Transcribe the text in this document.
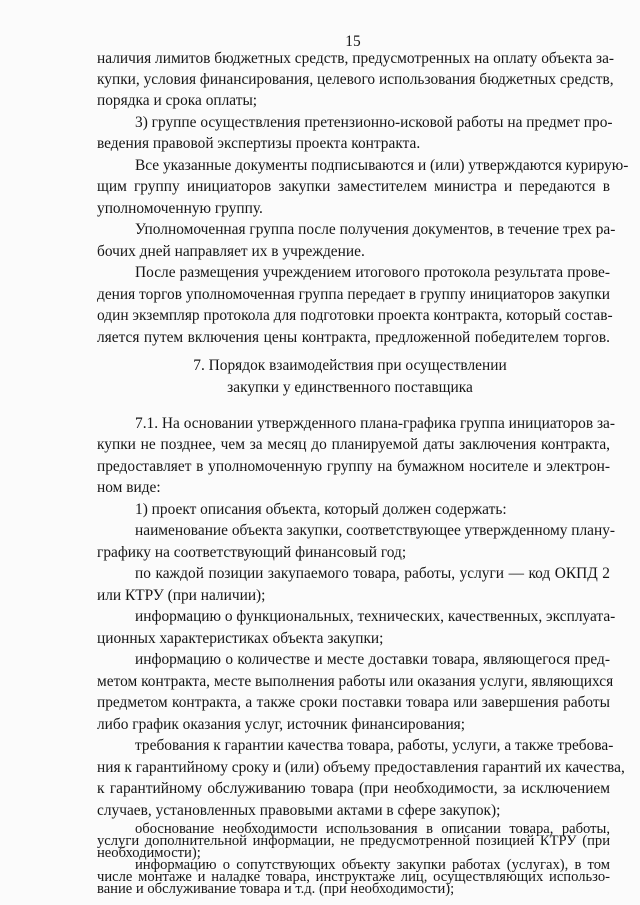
15
наличия лимитов бюджетных средств, предусмотренных на оплату объекта за-
купки, условия финансирования, целевого использования бюджетных средств,
порядка и срока оплаты;
3) группе осуществления претензионно-исковой работы на предмет про-
ведения правовой экспертизы проекта контракта.
Все указанные документы подписываются и (или) утверждаются курирую-
щим группу инициаторов закупки заместителем министра и передаются в
уполномоченную группу.
Уполномоченная группа после получения документов, в течение трех ра-
бочих дней направляет их в учреждение.
После размещения учреждением итогового протокола результата прове-
дения торгов уполномоченная группа передает в группу инициаторов закупки
один экземпляр протокола для подготовки проекта контракта, который состав-
ляется путем включения цены контракта, предложенной победителем торгов.
7. Порядок взаимодействия при осуществлении
закупки у единственного поставщика
7.1. На основании утвержденного плана-графика группа инициаторов за-
купки не позднее, чем за месяц до планируемой даты заключения контракта,
предоставляет в уполномоченную группу на бумажном носителе и электрон-
ном виде:
1) проект описания объекта, который должен содержать:
наименование объекта закупки, соответствующее утвержденному плану-
графику на соответствующий финансовый год;
по каждой позиции закупаемого товара, работы, услуги — код ОКПД 2
или КТРУ (при наличии);
информацию о функциональных, технических, качественных, эксплуата-
ционных характеристиках объекта закупки;
информацию о количестве и месте доставки товара, являющегося пред-
метом контракта, месте выполнения работы или оказания услуги, являющихся
предметом контракта, а также сроки поставки товара или завершения работы
либо график оказания услуг, источник финансирования;
требования к гарантии качества товара, работы, услуги, а также требова-
ния к гарантийному сроку и (или) объему предоставления гарантий их качества,
к гарантийному обслуживанию товара (при необходимости, за исключением
случаев, установленных правовыми актами в сфере закупок);
обоснование необходимости использования в описании товара, работы,
услуги дополнительной информации, не предусмотренной позицией КТРУ (при
необходимости);
информацию о сопутствующих объекту закупки работах (услугах), в том
числе монтаже и наладке товара, инструктаже лиц, осуществляющих использо-
вание и обслуживание товара и т.д. (при необходимости);
